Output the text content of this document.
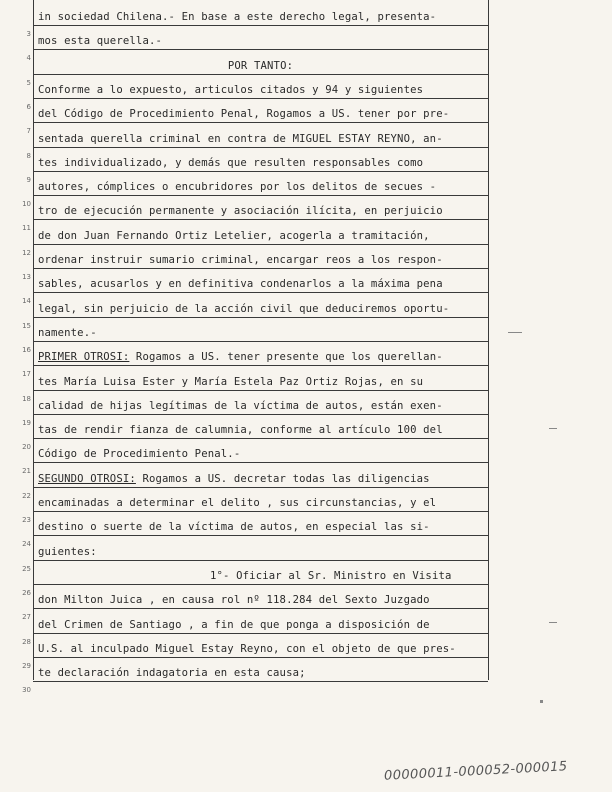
in sociedad Chilena.- En base a este derecho legal, presenta-
mos esta querella.-
POR TANTO:
Conforme a lo expuesto, articulos citados y 94 y siguientes
del Código de Procedimiento Penal, Rogamos a US. tener por pre-
sentada querella criminal en contra de MIGUEL ESTAY REYNO, an-
tes individualizado, y demás que resulten responsables como
autores, cómplices o encubridores por los delitos de secues -
tro de ejecución permanente y asociación ilícita, en perjuicio
de don Juan Fernando Ortiz Letelier, acogerla a tramitación,
ordenar instruir sumario criminal, encargar reos a los respon-
sables, acusarlos y en definitiva condenarlos a la máxima pena
legal, sin perjuicio de la acción civil que deduciremos oportu-
namente.-
PRIMER OTROSI: Rogamos a US. tener presente que los querellan-
tes María Luisa Ester y María Estela Paz Ortiz Rojas, en su
calidad de hijas legítimas de la víctima de autos, están exen-
tas de rendir fianza de calumnia, conforme al artículo 100 del
Código de Procedimiento Penal.-
SEGUNDO OTROSI: Rogamos a US. decretar todas las diligencias
encaminadas a determinar el delito , sus circunstancias, y el
destino o suerte de la víctima de autos, en especial las si-
guientes:
1°- Oficiar al Sr. Ministro en Visita
don Milton Juica , en causa rol nº 118.284 del Sexto Juzgado
del Crimen de Santiago , a fin de que ponga a disposición de
U.S. al inculpado Miguel Estay Reyno, con el objeto de que pres-
te declaración indagatoria en esta causa;
3
4
5
6
7
8
9
10
11
12
13
14
15
16
17
18
19
20
21
22
23
24
25
26
27
28
29
30
00000011-000052-000015
